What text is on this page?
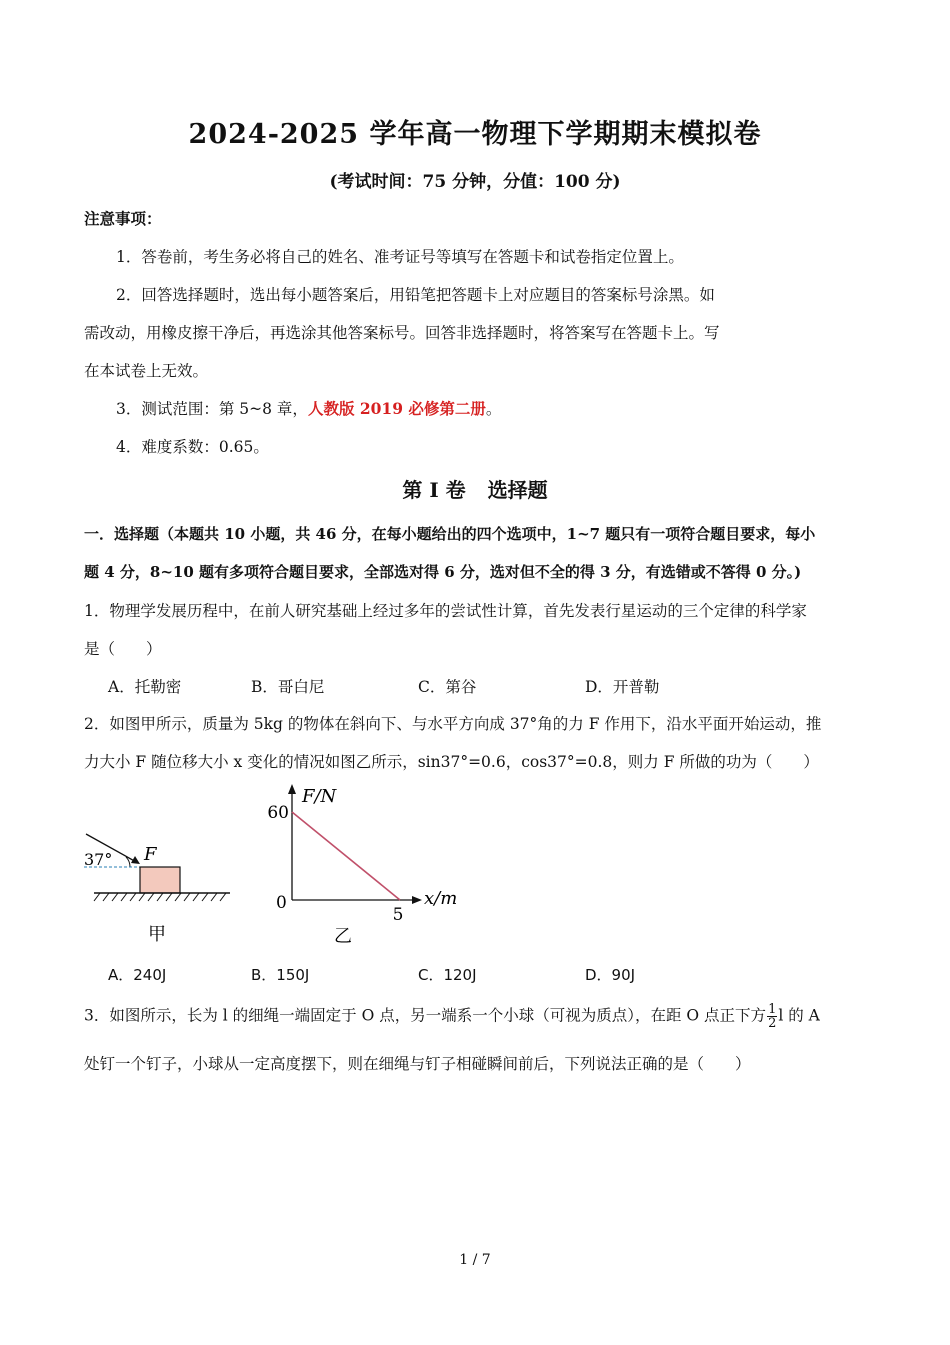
2024-2025 学年高一物理下学期期末模拟卷
(考试时间：75 分钟，分值：100 分)
注意事项：
1．答卷前，考生务必将自己的姓名、准考证号等填写在答题卡和试卷指定位置上。
2．回答选择题时，选出每小题答案后，用铅笔把答题卡上对应题目的答案标号涂黑。如
需改动，用橡皮擦干净后，再选涂其他答案标号。回答非选择题时，将答案写在答题卡上。写
在本试卷上无效。
3．测试范围：第 5~8 章，人教版 2019 必修第二册。
4．难度系数：0.65。
第 I 卷 选择题
一．选择题（本题共 10 小题，共 46 分，在每小题给出的四个选项中，1~7 题只有一项符合题目要求，每小
题 4 分，8~10 题有多项符合题目要求，全部选对得 6 分，选对但不全的得 3 分，有选错或不答得 0 分。)
1．物理学发展历程中，在前人研究基础上经过多年的尝试性计算，首先发表行星运动的三个定律的科学家
是（　　）
A．托勒密	B．哥白尼	C．第谷	D．开普勒
2．如图甲所示，质量为 5kg 的物体在斜向下、与水平方向成 37°角的力 F 作用下，沿水平面开始运动，推
力大小 F 随位移大小 x 变化的情况如图乙所示，sin37°=0.6，cos37°=0.8，则力 F 所做的功为（　　）
37° F
甲
F/N
x/m
0
60
5
乙
A．240J	B．150J	C．120J	D．90J
3．如图所示，长为 l 的细绳一端固定于 O 点，另一端系一个小球（可视为质点），在距 O 点正下方 $\frac{1}{2}$ l 的 A
处钉一个钉子，小球从一定高度摆下，则在细绳与钉子相碰瞬间前后，下列说法正确的是（　　）
1 / 7
